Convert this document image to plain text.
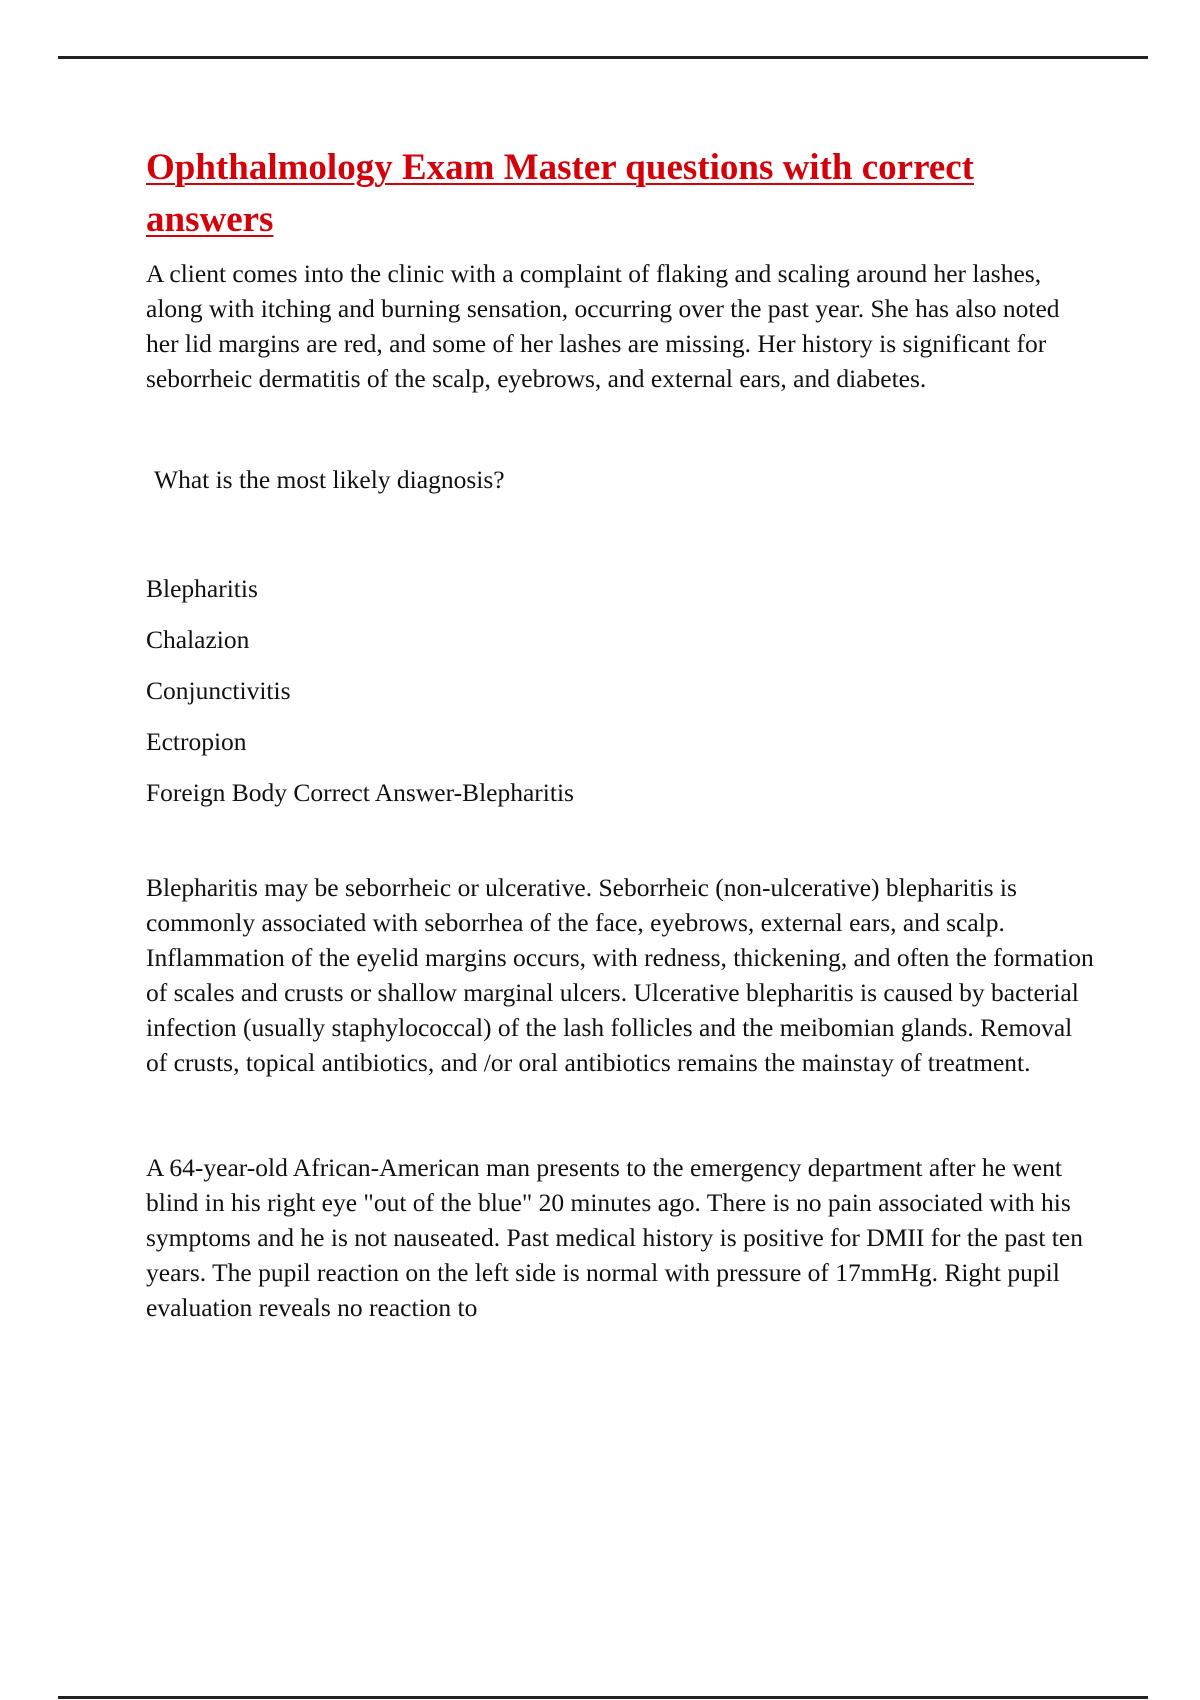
Ophthalmology Exam Master questions with correct answers

A client comes into the clinic with a complaint of flaking and scaling around her lashes, along with itching and burning sensation, occurring over the past year. She has also noted her lid margins are red, and some of her lashes are missing. Her history is significant for seborrheic dermatitis of the scalp, eyebrows, and external ears, and diabetes.

What is the most likely diagnosis?

Blepharitis
Chalazion
Conjunctivitis
Ectropion
Foreign Body Correct Answer-Blepharitis

Blepharitis may be seborrheic or ulcerative. Seborrheic (non-ulcerative) blepharitis is commonly associated with seborrhea of the face, eyebrows, external ears, and scalp. Inflammation of the eyelid margins occurs, with redness, thickening, and often the formation of scales and crusts or shallow marginal ulcers. Ulcerative blepharitis is caused by bacterial infection (usually staphylococcal) of the lash follicles and the meibomian glands. Removal of crusts, topical antibiotics, and /or oral antibiotics remains the mainstay of treatment.

A 64-year-old African-American man presents to the emergency department after he went blind in his right eye "out of the blue" 20 minutes ago. There is no pain associated with his symptoms and he is not nauseated. Past medical history is positive for DMII for the past ten years. The pupil reaction on the left side is normal with pressure of 17mmHg. Right pupil evaluation reveals no reaction to
